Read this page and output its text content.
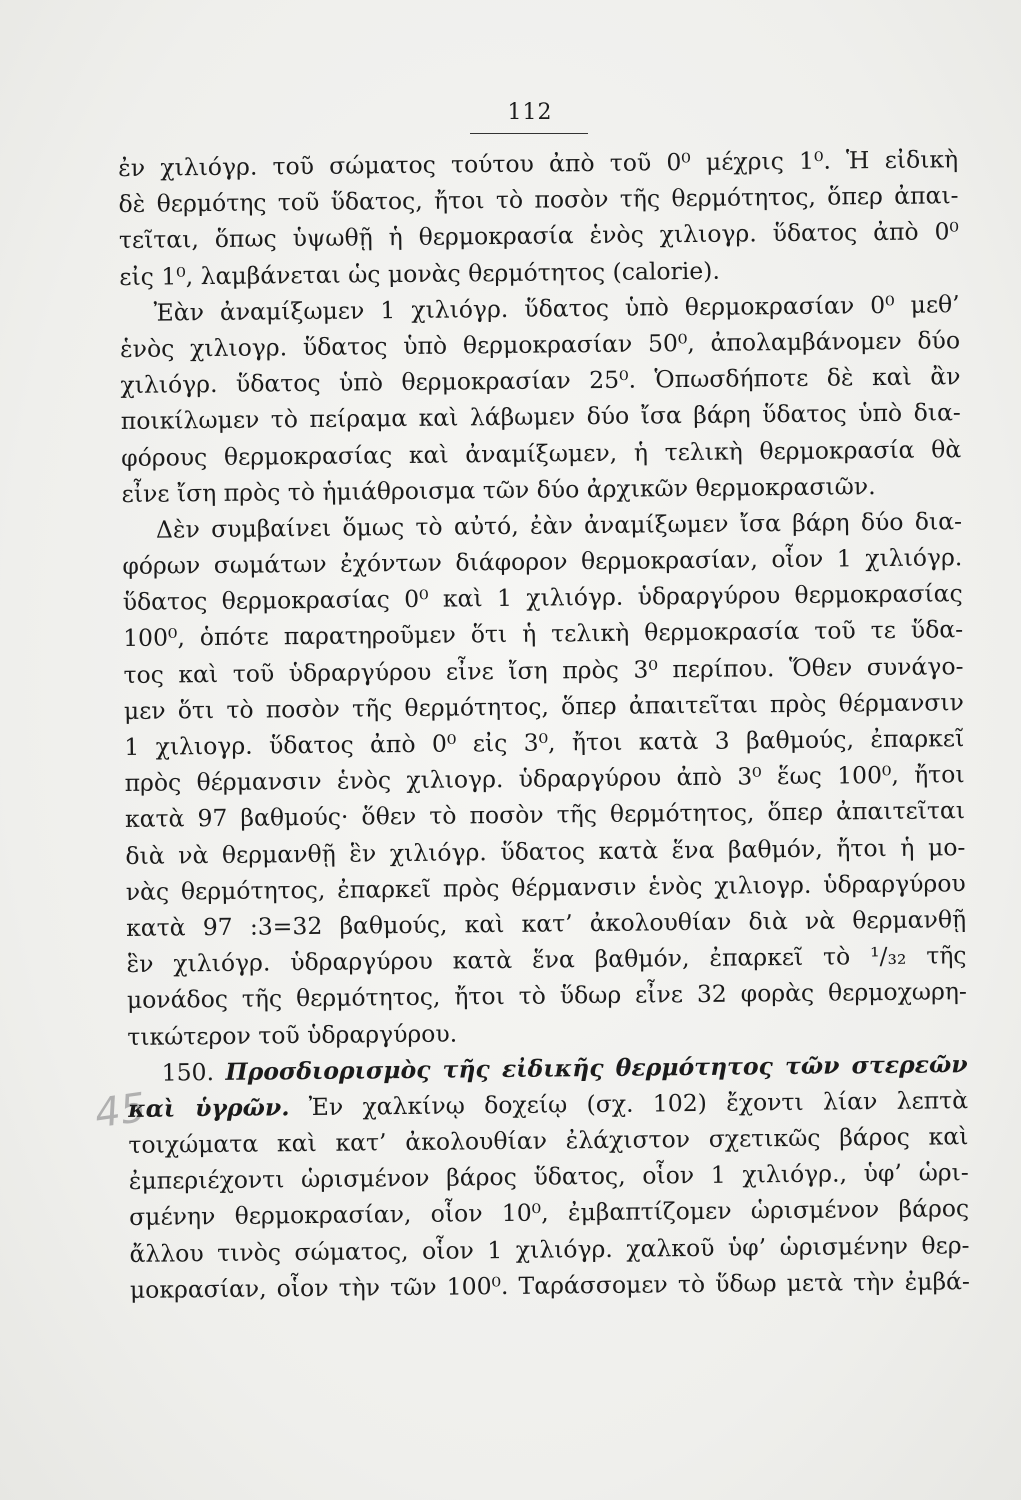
112
45
ἐν χιλιόγρ. τοῦ σώματος τούτου ἀπὸ τοῦ 0⁰ μέχρις 1⁰. Ἡ εἰδικὴ
δὲ θερμότης τοῦ ὕδατος, ἤτοι τὸ ποσὸν τῆς θερμότητος, ὅπερ ἀπαι-
τεῖται, ὅπως ὑψωθῇ ἡ θερμοκρασία ἑνὸς χιλιογρ. ὕδατος ἀπὸ 0⁰
εἰς 1⁰, λαμβάνεται ὡς μονὰς θερμότητος (calorie).
Ἐὰν ἀναμίξωμεν 1 χιλιόγρ. ὕδατος ὑπὸ θερμοκρασίαν 0⁰ μεθ’
ἑνὸς χιλιογρ. ὕδατος ὑπὸ θερμοκρασίαν 50⁰, ἀπολαμβάνομεν δύο
χιλιόγρ. ὕδατος ὑπὸ θερμοκρασίαν 25⁰. Ὁπωσδήποτε δὲ καὶ ἂν
ποικίλωμεν τὸ πείραμα καὶ λάβωμεν δύο ἴσα βάρη ὕδατος ὑπὸ δια-
φόρους θερμοκρασίας καὶ ἀναμίξωμεν, ἡ τελικὴ θερμοκρασία θὰ
εἶνε ἴση πρὸς τὸ ἡμιάθροισμα τῶν δύο ἀρχικῶν θερμοκρασιῶν.
Δὲν συμβαίνει ὅμως τὸ αὐτό, ἐὰν ἀναμίξωμεν ἴσα βάρη δύο δια-
φόρων σωμάτων ἐχόντων διάφορον θερμοκρασίαν, οἷον 1 χιλιόγρ.
ὕδατος θερμοκρασίας 0⁰ καὶ 1 χιλιόγρ. ὑδραργύρου θερμοκρασίας
100⁰, ὁπότε παρατηροῦμεν ὅτι ἡ τελικὴ θερμοκρασία τοῦ τε ὕδα-
τος καὶ τοῦ ὑδραργύρου εἶνε ἴση πρὸς 3⁰ περίπου. Ὅθεν συνάγο-
μεν ὅτι τὸ ποσὸν τῆς θερμότητος, ὅπερ ἀπαιτεῖται πρὸς θέρμανσιν
1 χιλιογρ. ὕδατος ἀπὸ 0⁰ εἰς 3⁰, ἤτοι κατὰ 3 βαθμούς, ἐπαρκεῖ
πρὸς θέρμανσιν ἑνὸς χιλιογρ. ὑδραργύρου ἀπὸ 3⁰ ἕως 100⁰, ἤτοι
κατὰ 97 βαθμούς· ὅθεν τὸ ποσὸν τῆς θερμότητος, ὅπερ ἀπαιτεῖται
διὰ νὰ θερμανθῇ ἓν χιλιόγρ. ὕδατος κατὰ ἕνα βαθμόν, ἤτοι ἡ μο-
νὰς θερμότητος, ἐπαρκεῖ πρὸς θέρμανσιν ἑνὸς χιλιογρ. ὑδραργύρου
κατὰ 97 :3=32 βαθμούς, καὶ κατ’ ἀκολουθίαν διὰ νὰ θερμανθῇ
ἓν χιλιόγρ. ὑδραργύρου κατὰ ἕνα βαθμόν, ἐπαρκεῖ τὸ ¹/₃₂ τῆς
μονάδος τῆς θερμότητος, ἤτοι τὸ ὕδωρ εἶνε 32 φορὰς θερμοχωρη-
τικώτερον τοῦ ὑδραργύρου.
150. Προσδιορισμὸς τῆς εἰδικῆς θερμότητος τῶν στερεῶν
καὶ ὑγρῶν. Ἐν χαλκίνῳ δοχείῳ (σχ. 102) ἔχοντι λίαν λεπτὰ
τοιχώματα καὶ κατ’ ἀκολουθίαν ἐλάχιστον σχετικῶς βάρος καὶ
ἐμπεριέχοντι ὡρισμένον βάρος ὕδατος, οἷον 1 χιλιόγρ., ὑφ’ ὡρι-
σμένην θερμοκρασίαν, οἷον 10⁰, ἐμβαπτίζομεν ὡρισμένον βάρος
ἄλλου τινὸς σώματος, οἷον 1 χιλιόγρ. χαλκοῦ ὑφ’ ὡρισμένην θερ-
μοκρασίαν, οἷον τὴν τῶν 100⁰. Ταράσσομεν τὸ ὕδωρ μετὰ τὴν ἐμβά-
